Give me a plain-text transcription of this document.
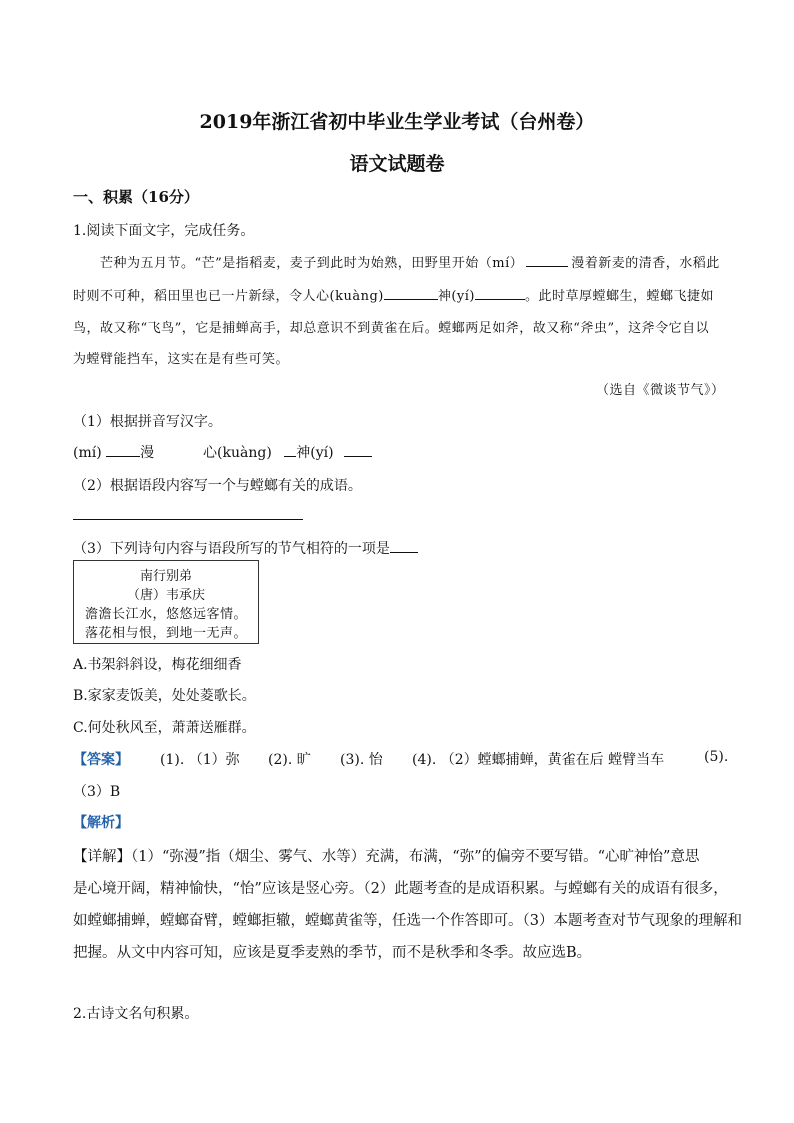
2019年浙江省初中毕业生学业考试（台州卷）
语文试题卷
一、积累（16分）
1.阅读下面文字，完成任务。
芒种为五月节。“芒”是指稻麦，麦子到此时为始熟，田野里开始（mí）	漫着新麦的清香，水稻此
时则不可种，稻田里也已一片新绿，令人心(kuàng)	神(yí)	。此时草厚螳螂生，螳螂飞捷如
鸟，故又称“飞鸟”，它是捕蝉高手，却总意识不到黄雀在后。螳螂两足如斧，故又称“斧虫”，这斧令它自以
为螳臂能挡车，这实在是有些可笑。
（选自《微谈节气》）
（1）根据拼音写汉字。
(mí)	漫	心(kuàng) 神(yí)
（2）根据语段内容写一个与螳螂有关的成语。
（3）下列诗句内容与语段所写的节气相符的一项是
南行别弟
（唐）韦承庆
澹澹长江水，悠悠远客情。
落花相与恨，到地一无声。
A.书架斜斜设，梅花细细香
B.家家麦饭美，处处菱歌长。
C.何处秋风至，萧萧送雁群。
【答案】 (1). （1）弥 (2). 旷 (3). 怡 (4). （2）螳螂捕蝉，黄雀在后 螳臂当车	(5).
（3）B
【解析】
【详解】（1）“弥漫”指（烟尘、雾气、水等）充满，布满，“弥”的偏旁不要写错。“心旷神怡”意思
是心境开阔，精神愉快，“怡”应该是竖心旁。（2）此题考查的是成语积累。与螳螂有关的成语有很多，
如螳螂捕蝉，螳螂奋臂，螳螂拒辙，螳螂黄雀等，任选一个作答即可。（3）本题考查对节气现象的理解和
把握。从文中内容可知，应该是夏季麦熟的季节，而不是秋季和冬季。故应选B。
2.古诗文名句积累。
